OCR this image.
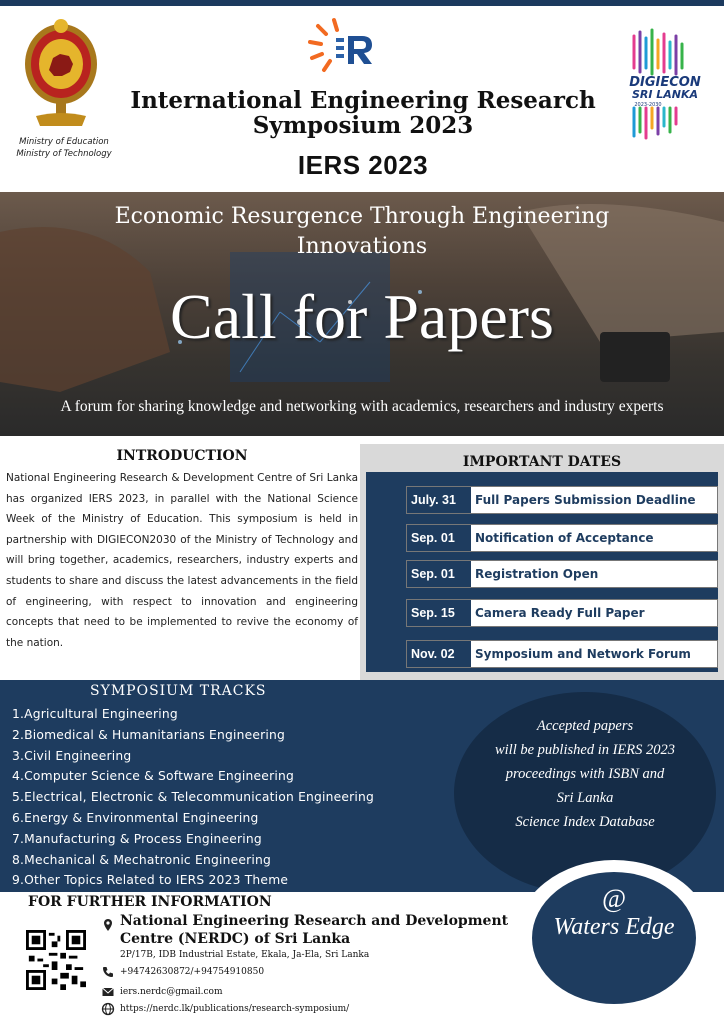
Ministry of Education
Ministry of Technology
International Engineering Research
Symposium 2023
IERS 2023
DIGIECON
SRI LANKA
2023-2030
Economic Resurgence Through Engineering
Innovations
Call for Papers
A forum for sharing knowledge and networking with academics, researchers and industry experts
INTRODUCTION
National Engineering Research & Development Centre of Sri Lanka has organized IERS 2023, in parallel with the National Science Week of the Ministry of Education. This symposium is held in partnership with DIGIECON2030 of the Ministry of Technology and will bring together, academics, researchers, industry experts and students to share and discuss the latest advancements in the field of engineering, with respect to innovation and engineering concepts that need to be implemented to revive the economy of the nation.
IMPORTANT DATES
July. 31	Full Papers Submission Deadline
Sep. 01	Notification of Acceptance
Sep. 01	Registration Open
Sep. 15	Camera Ready Full Paper
Nov. 02	Symposium and Network Forum
SYMPOSIUM TRACKS
1.Agricultural Engineering
2.Biomedical & Humanitarians Engineering
3.Civil Engineering
4.Computer Science & Software Engineering
5.Electrical, Electronic & Telecommunication Engineering
6.Energy & Environmental Engineering
7.Manufacturing & Process Engineering
8.Mechanical & Mechatronic Engineering
9.Other Topics Related to IERS 2023 Theme
Accepted papers
will be published in IERS 2023
proceedings with ISBN and
Sri Lanka
Science Index Database
FOR FURTHER INFORMATION
National Engineering Research and Development
Centre (NERDC) of Sri Lanka
2P/17B, IDB Industrial Estate, Ekala, Ja-Ela, Sri Lanka
+94742630872/+94754910850
iers.nerdc@gmail.com
https://nerdc.lk/publications/research-symposium/
@
Waters Edge
